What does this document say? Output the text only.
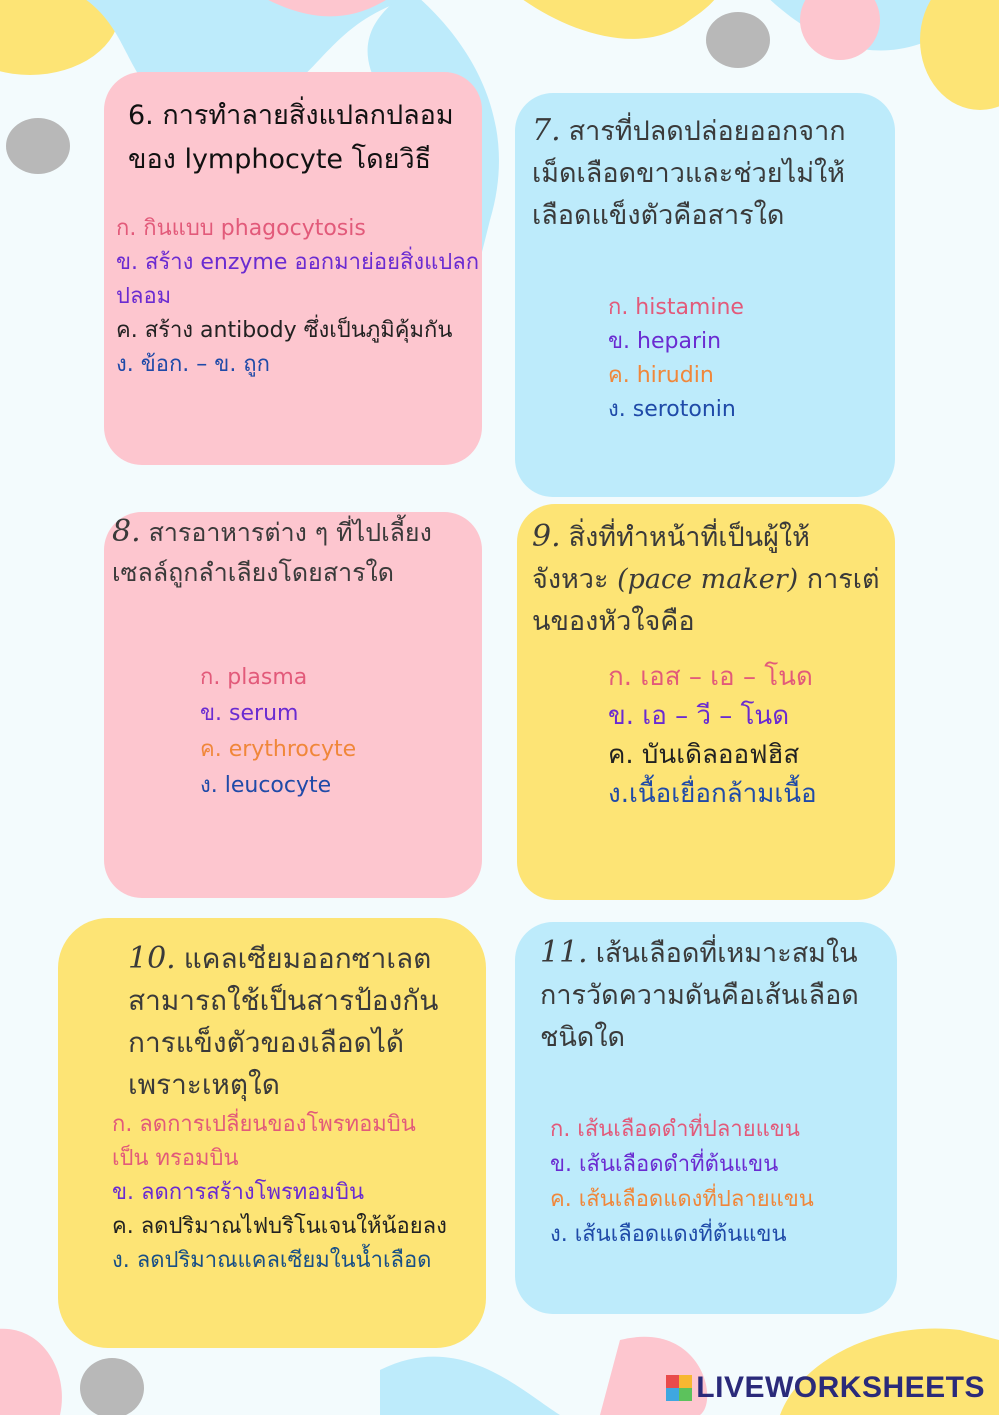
6. การทำลายสิ่งแปลกปลอม ของ lymphocyte โดยวิธี

ก. กินแบบ phagocytosis
ข. สร้าง enzyme ออกมาย่อยสิ่งแปลกปลอม
ค. สร้าง antibody ซึ่งเป็นภูมิคุ้มกัน
ง. ข้อก. – ข. ถูก

7. สารที่ปลดปล่อยออกจากเม็ดเลือดขาวและช่วยไม่ให้เลือดแข็งตัวคือสารใด

ก. histamine
ข. heparin
ค. hirudin
ง. serotonin

8. สารอาหารต่าง ๆ ที่ไปเลี้ยงเซลล์ถูกลำเลียงโดยสารใด

ก. plasma
ข. serum
ค. erythrocyte
ง. leucocyte

9. สิ่งที่ทำหน้าที่เป็นผู้ให้จังหวะ (pace maker) การเต่นของหัวใจคือ

ก. เอส – เอ – โนด
ข. เอ – วี – โนด
ค. บันเดิลออฟฮิส
ง.เนื้อเยื่อกล้ามเนื้อ

10. แคลเซียมออกซาเลตสามารถใช้เป็นสารป้องกันการแข็งตัวของเลือดได้เพราะเหตุใด

ก. ลดการเปลี่ยนของโพรทอมบินเป็น ทรอมบิน
ข. ลดการสร้างโพรทอมบิน
ค. ลดปริมาณไฟบริโนเจนให้น้อยลง
ง. ลดปริมาณแคลเซียมในน้ำเลือด

11. เส้นเลือดที่เหมาะสมในการวัดความดันคือเส้นเลือดชนิดใด

ก. เส้นเลือดดำที่ปลายแขน
ข. เส้นเลือดดำที่ต้นแขน
ค. เส้นเลือดแดงที่ปลายแขน
ง. เส้นเลือดแดงที่ต้นแขน
LIVEWORKSHEETS
